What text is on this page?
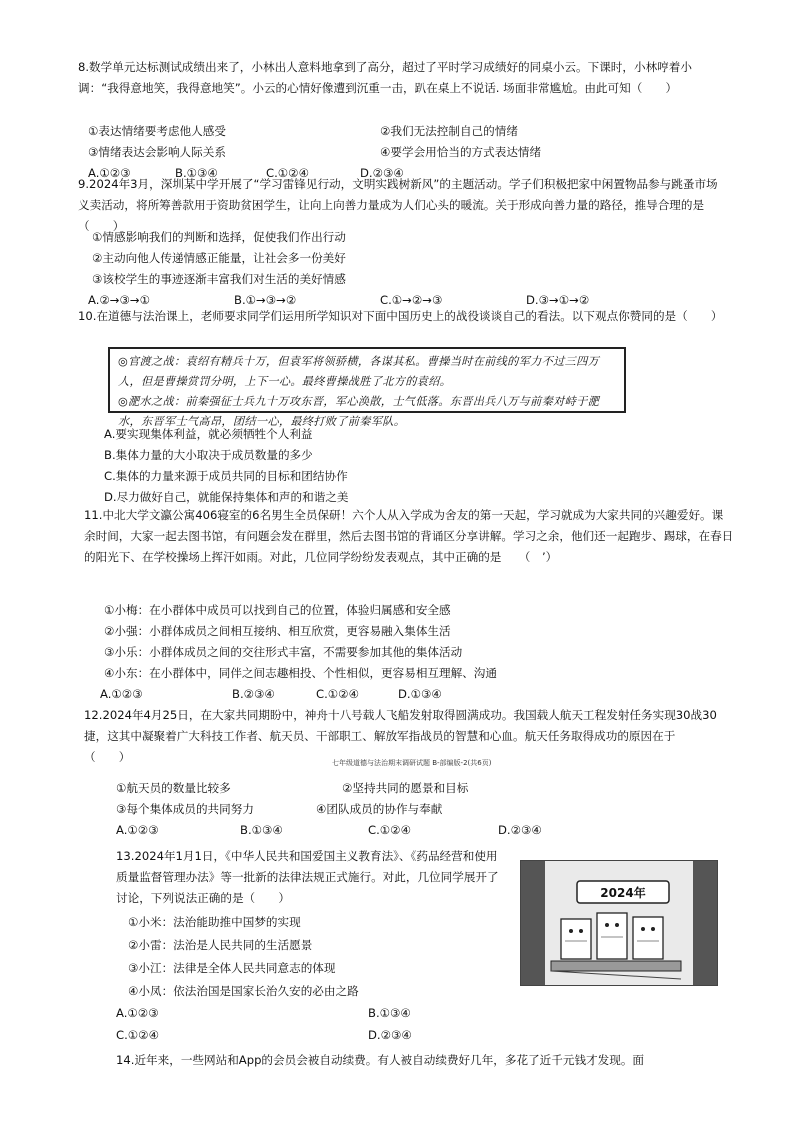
8.数学单元达标测试成绩出来了，小林出人意料地拿到了高分，超过了平时学习成绩好的同桌小云。下课时，小林哼着小调：“我得意地笑，我得意地笑”。小云的心情好像遭到沉重一击，趴在桌上不说话. 场面非常尴尬。由此可知（　　）
①表达情绪要考虑他人感受	②我们无法控制自己的情绪
③情绪表达会影响人际关系	④要学会用恰当的方式表达情绪
A.①②③	B.①③④	C.①②④	D.②③④
9.2024年3月，深圳某中学开展了“学习雷锋见行动，文明实践树新风”的主题活动。学子们积极把家中闲置物品参与跳蚤市场义卖活动，将所筹善款用于资助贫困学生，让向上向善力量成为人们心头的暖流。关于形成向善力量的路径，推导合理的是　　（　　）
①情感影响我们的判断和选择，促使我们作出行动
②主动向他人传递情感正能量，让社会多一份美好
③该校学生的事迹逐渐丰富我们对生活的美好情感
A.②→③→①	B.①→③→②	C.①→②→③	D.③→①→②
10.在道德与法治课上，老师要求同学们运用所学知识对下面中国历史上的战役谈谈自己的看法。以下观点你赞同的是（　　）
◎官渡之战：袁绍有精兵十万，但袁军将领骄横，各谋其私。曹操当时在前线的军力不过三四万人，但是曹操赏罚分明，上下一心。最终曹操战胜了北方的袁绍。
◎淝水之战：前秦强征士兵九十万攻东晋，军心涣散，士气低落。东晋出兵八万与前秦对峙于淝水，东晋军士气高昂，团结一心，最终打败了前秦军队。
A.要实现集体利益，就必须牺牲个人利益
B.集体力量的大小取决于成员数量的多少
C.集体的力量来源于成员共同的目标和团结协作
D.尽力做好自己，就能保持集体和声的和谐之美
11.中北大学文瀛公寓406寝室的6名男生全员保研！六个人从入学成为舍友的第一天起，学习就成为大家共同的兴趣爱好。课余时间，大家一起去图书馆，有问题会发在群里，然后去图书馆的背诵区分享讲解。学习之余，他们还一起跑步、踢球，在春日的阳光下、在学校操场上挥汗如雨。对此，几位同学纷纷发表观点，其中正确的是　　（　’）
①小梅：在小群体中成员可以找到自己的位置，体验归属感和安全感
②小强：小群体成员之间相互接纳、相互欣赏，更容易融入集体生活
③小乐：小群体成员之间的交往形式丰富，不需要参加其他的集体活动
④小东：在小群体中，同伴之间志趣相投、个性相似，更容易相互理解、沟通
A.①②③	B.②③④	C.①②④	D.①③④
12.2024年4月25日，在大家共同期盼中，神舟十八号载人飞船发射取得圆满成功。我国载人航天工程发射任务实现30战30捷，这其中凝聚着广大科技工作者、航天员、干部职工、解放军指战员的智慧和心血。航天任务取得成功的原因在于　　　（　　）	七年级道德与法治期末调研试题 B-部编版-2(共6页)
①航天员的数量比较多	②坚持共同的愿景和目标
③每个集体成员的共同努力	④团队成员的协作与奉献
A.①②③	B.①③④	C.①②④	D.②③④
13.2024年1月1日，《中华人民共和国爱国主义教育法》、《药品经营和使用质量监督管理办法》等一批新的法律法规正式施行。对此，几位同学展开了讨论，下列说法正确的是（　　）
①小米：法治能助推中国梦的实现
②小雷：法治是人民共同的生活愿景
③小江：法律是全体人民共同意志的体现
④小凤：依法治国是国家长治久安的必由之路
A.①②③	B.①③④
C.①②④	D.②③④
2024年
14.近年来，一些网站和App的会员会被自动续费。有人被自动续费好几年，多花了近千元钱才发现。面
